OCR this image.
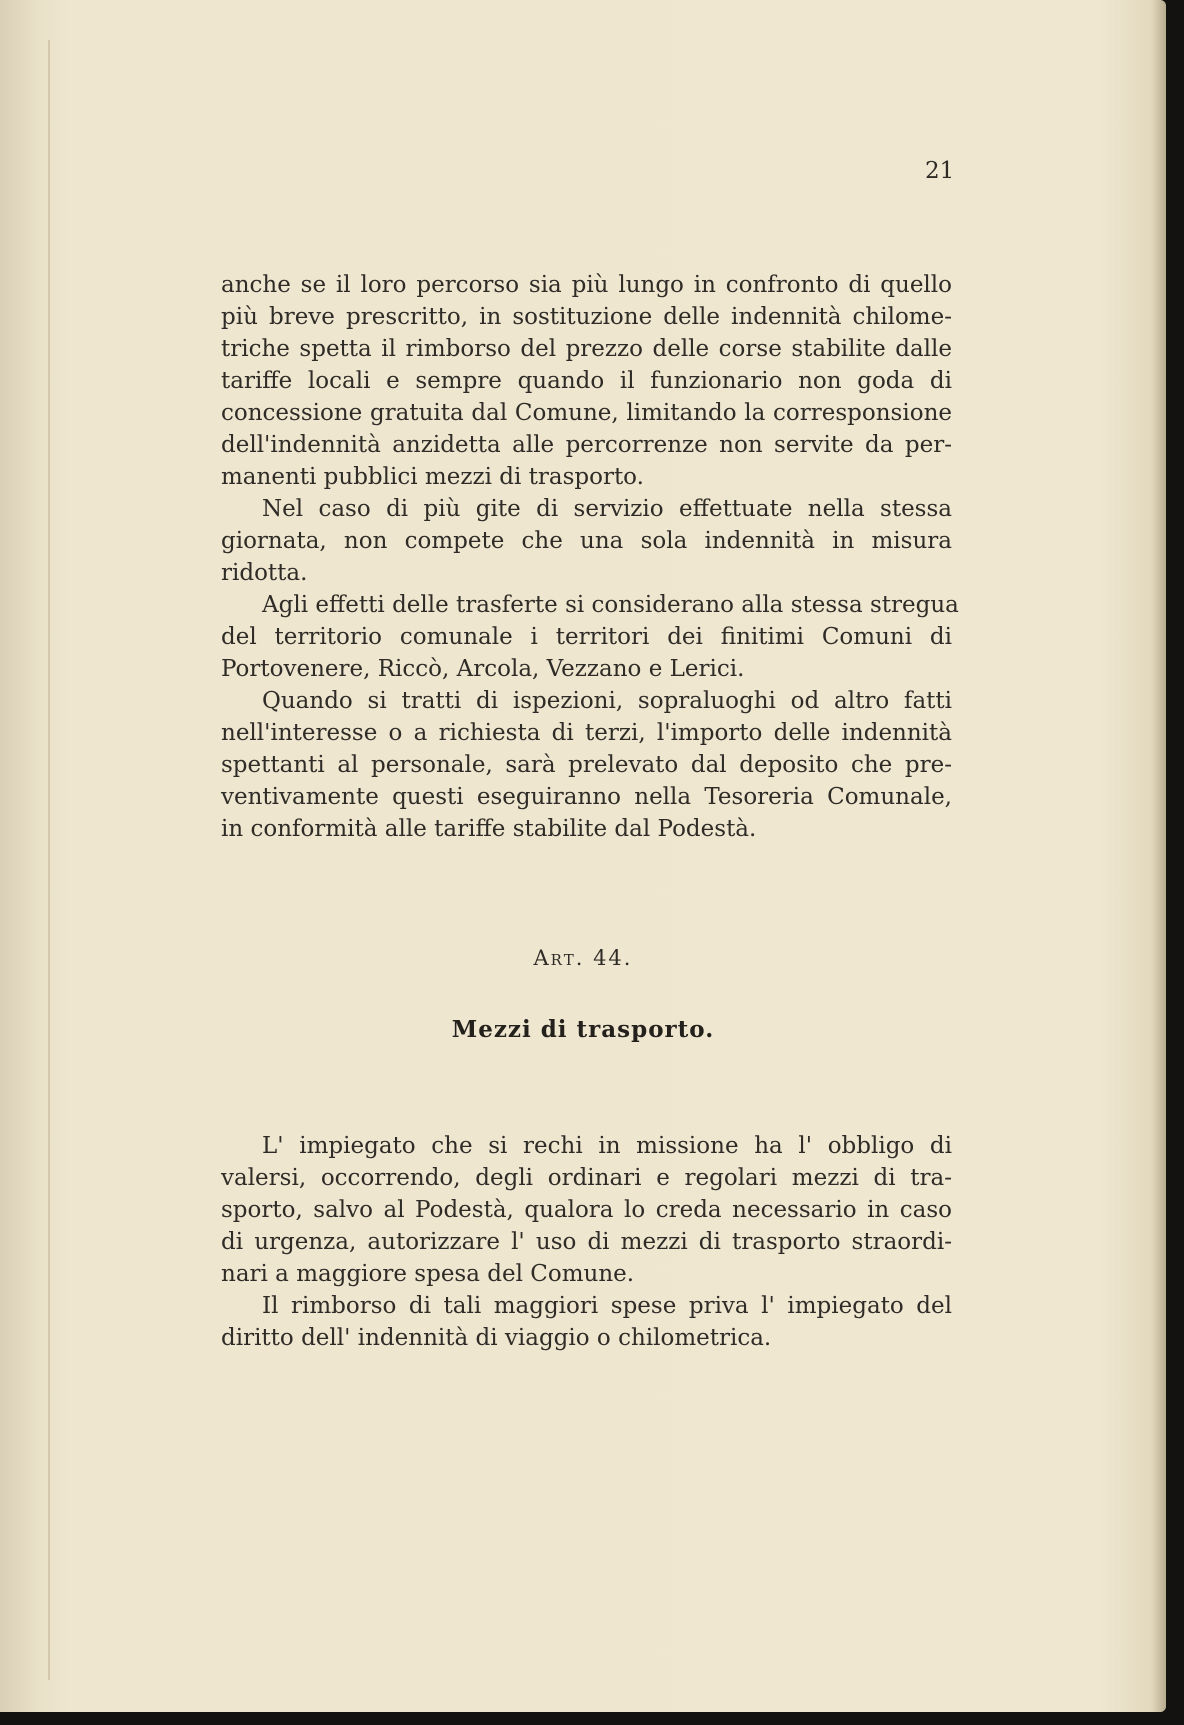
21

anche se il loro percorso sia più lungo in confronto di quello
più breve prescritto, in sostituzione delle indennità chilome-
triche spetta il rimborso del prezzo delle corse stabilite dalle
tariffe locali e sempre quando il funzionario non goda di
concessione gratuita dal Comune, limitando la corresponsione
dell'indennità anzidetta alle percorrenze non servite da per-
manenti pubblici mezzi di trasporto.
Nel caso di più gite di servizio effettuate nella stessa
giornata, non compete che una sola indennità in misura
ridotta.
Agli effetti delle trasferte si considerano alla stessa stregua
del territorio comunale i territori dei finitimi Comuni di
Portovenere, Riccò, Arcola, Vezzano e Lerici.
Quando si tratti di ispezioni, sopraluoghi od altro fatti
nell'interesse o a richiesta di terzi, l'importo delle indennità
spettanti al personale, sarà prelevato dal deposito che pre-
ventivamente questi eseguiranno nella Tesoreria Comunale,
in conformità alle tariffe stabilite dal Podestà.

Art. 44.

Mezzi di trasporto.

L' impiegato che si rechi in missione ha l' obbligo di
valersi, occorrendo, degli ordinari e regolari mezzi di tra-
sporto, salvo al Podestà, qualora lo creda necessario in caso
di urgenza, autorizzare l' uso di mezzi di trasporto straordi-
nari a maggiore spesa del Comune.
Il rimborso di tali maggiori spese priva l' impiegato del
diritto dell' indennità di viaggio o chilometrica.
